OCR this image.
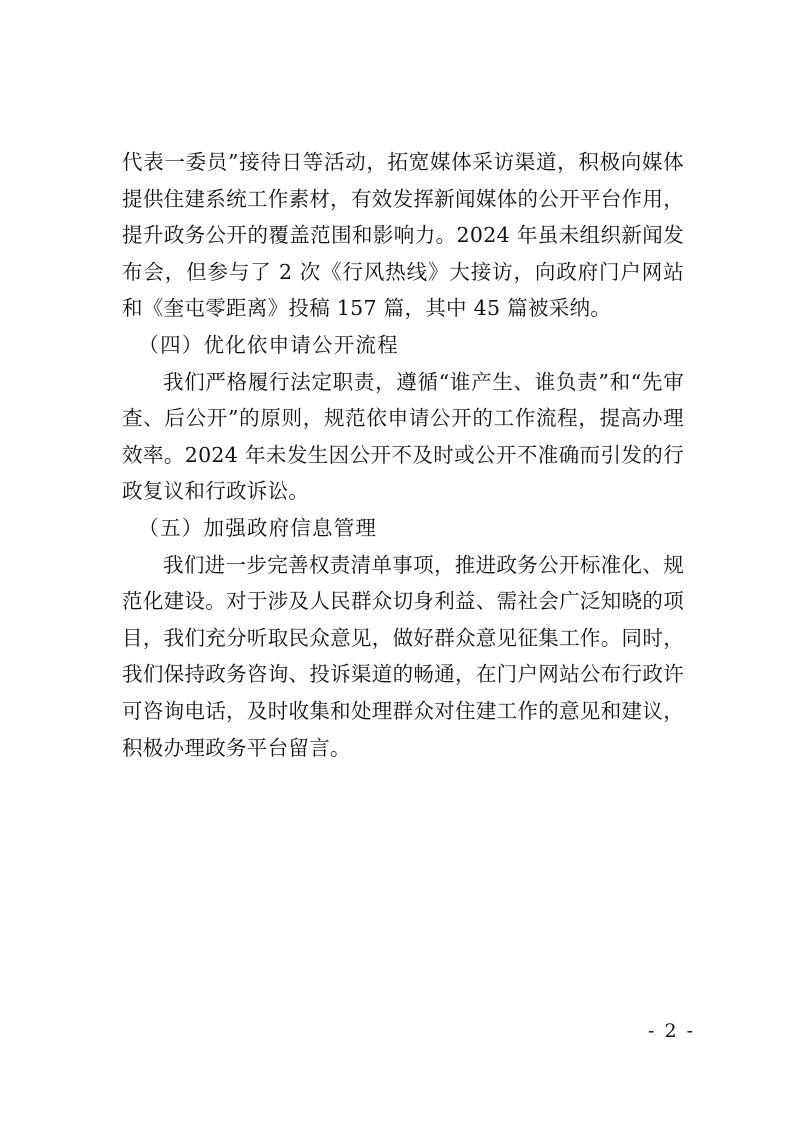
代表一委员”接待日等活动，拓宽媒体采访渠道，积极向媒体提供住建系统工作素材，有效发挥新闻媒体的公开平台作用，提升政务公开的覆盖范围和影响力。2024 年虽未组织新闻发布会，但参与了 2 次《行风热线》大接访，向政府门户网站和《奎屯零距离》投稿 157 篇，其中 45 篇被采纳。

（四）优化依申请公开流程

我们严格履行法定职责，遵循“谁产生、谁负责”和“先审查、后公开”的原则，规范依申请公开的工作流程，提高办理效率。2024 年未发生因公开不及时或公开不准确而引发的行政复议和行政诉讼。

（五）加强政府信息管理

我们进一步完善权责清单事项，推进政务公开标准化、规范化建设。对于涉及人民群众切身利益、需社会广泛知晓的项目，我们充分听取民众意见，做好群众意见征集工作。同时，我们保持政务咨询、投诉渠道的畅通，在门户网站公布行政许可咨询电话，及时收集和处理群众对住建工作的意见和建议，积极办理政务平台留言。

- 2 -
